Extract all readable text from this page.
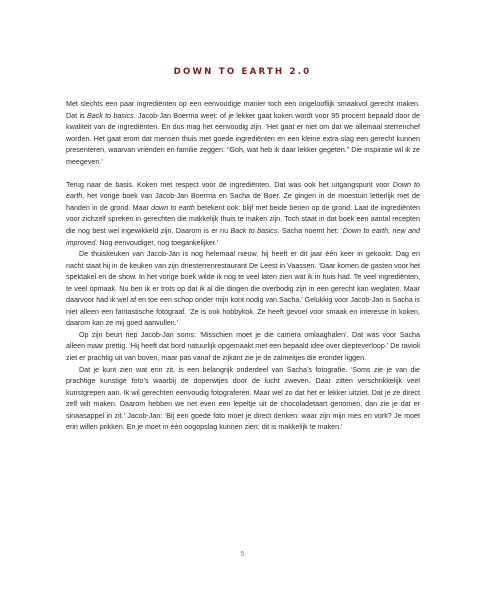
DOWN TO EARTH 2.0

Met slechts een paar ingrediënten op een eenvoudige manier toch een ongelooflijk smaakvol gerecht maken. Dat is Back to basics. Jacob-Jan Boerma weet: of je lekker gaat koken wordt voor 95 procent bepaald door de kwaliteit van de ingrediënten. En dus mag het eenvoudig zijn. ‘Het gaat er niet om dat we allemaal sterrenchef worden. Het gaat erom dat mensen thuis met goede ingrediënten en een kleine extra slag een gerecht kunnen presenteren, waarvan vrienden en familie zeggen: “Goh, wat heb ik daar lekker gegeten.” Die inspiratie wil ik ze meegeven.’

Terug naar de basis. Koken met respect voor de ingrediënten. Dat was ook het uitgangspunt voor Down to earth, het vorige boek van Jacob-Jan Boerma en Sacha de Boer. Ze gingen in de moestuin letterlijk met de handen in de grond. Maar down to earth betekent ook: blijf met beide benen op de grond. Laat de ingrediënten voor zichzelf spreken in gerechten die makkelijk thuis te maken zijn. Toch staat in dat boek een aantal recepten die nog best wel ingewikkeld zijn. Daarom is er nu Back to basics. Sacha noemt het: ‘Down to earth, new and improved. Nog eenvoudiger, nog toegankelijker.’

De thuiskeuken van Jacob-Jan is nog helemaal nieuw, hij heeft er dit jaar één keer in gekookt. Dag en nacht staat hij in de keuken van zijn driesterrenrestaurant De Leest in Vaassen. ‘Daar komen de gasten voor het spektakel en de show. In het vorige boek wilde ik nog te veel laten zien wat ik in huis had. Te veel ingrediënten, te veel opmaak. Nu ben ik er trots op dat ik al die dingen die overbodig zijn in een gerecht kan weglaten. Maar daarvoor had ik wel af en toe een schop onder mijn kont nodig van Sacha.’ Gelukkig voor Jacob-Jan is Sacha is niet alleen een fantastische fotograaf. ‘Ze is ook hobbykok. Ze heeft gevoel voor smaak en interesse in koken, daarom kan ze mij goed aanvullen.’

Op zijn beurt riep Jacob-Jan soms: ‘Misschien moet je die camera omlaaghalen’. Dat was voor Sacha alleen maar prettig. ‘Hij heeft dat bord natuurlijk opgemaakt met een bepaald idee over diepteverloop.’ De ravioli ziet er prachtig uit van boven, maar pas vanaf de zijkant zie je de zalmeitjes die eronder liggen.

Dat je kunt zien wat erin zit, is een belangrijk onderdeel van Sacha’s fotografie. ‘Soms zie je van die prachtige kunstige foto’s waarbij de doperwtjes door de lucht zweven. Daar zitten verschrikkelijk veel kunstgrepen aan. Ik wil gerechten eenvoudig fotograferen. Maar wel zo dat het er lekker uitziet. Dat je ze direct zelf wilt maken. Daarom hebben we net even een lepeltje uit de chocoladetaart genomen, dan zie je dat er sinaasappel in zit.’ Jacob-Jan: ‘Bij een goede foto moet je direct denken: waar zijn mijn mes en vork? Je moet erin willen prikken. En je moet in één oogopslag kunnen zien: dit is makkelijk te maken.’

5
